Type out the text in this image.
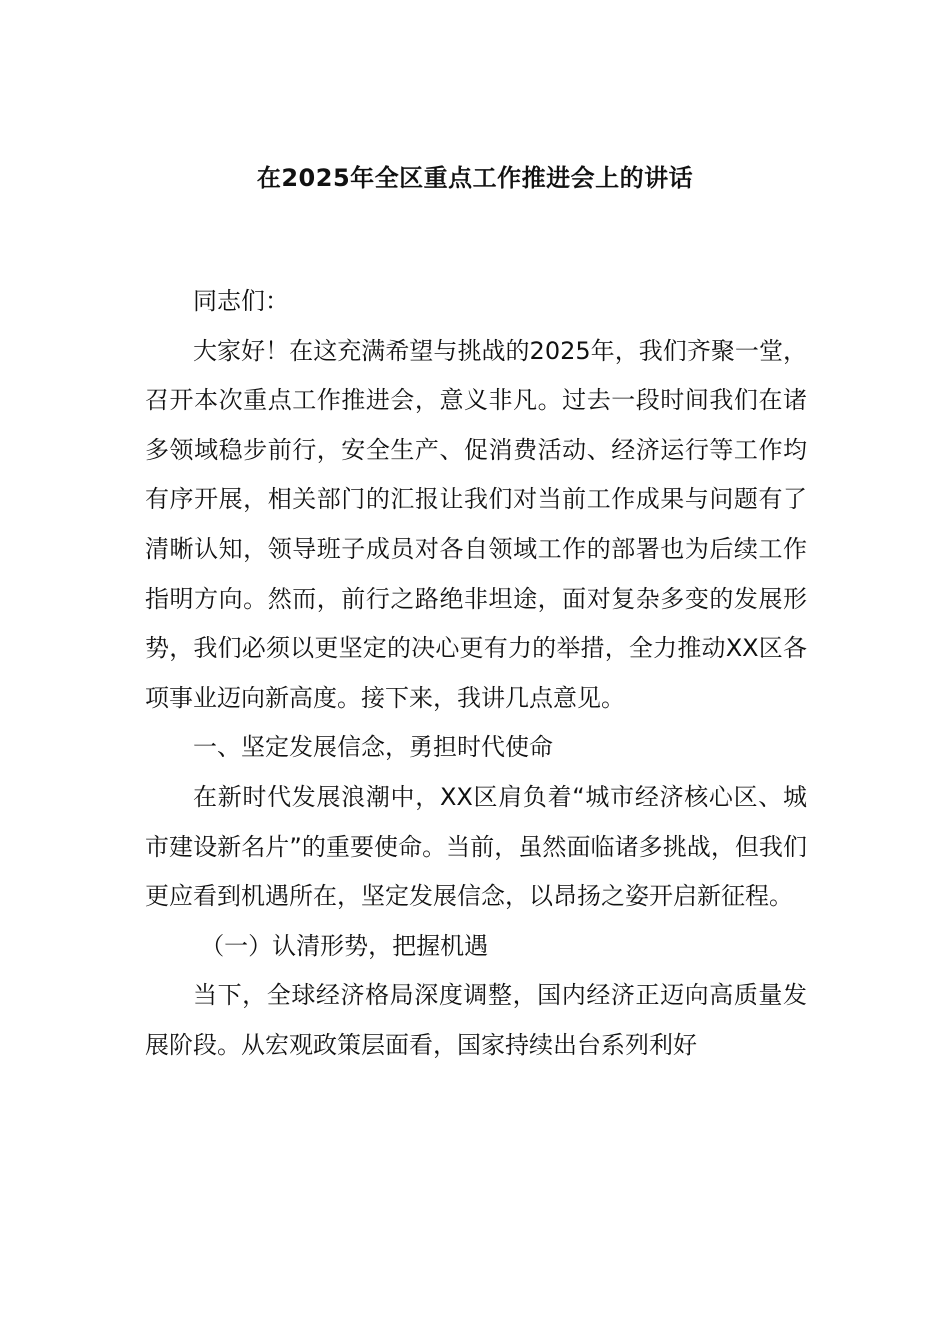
在2025年全区重点工作推进会上的讲话

同志们：

大家好！在这充满希望与挑战的2025年，我们齐聚一堂，召开本次重点工作推进会，意义非凡。过去一段时间我们在诸多领域稳步前行，安全生产、促消费活动、经济运行等工作均有序开展，相关部门的汇报让我们对当前工作成果与问题有了清晰认知，领导班子成员对各自领域工作的部署也为后续工作指明方向。然而，前行之路绝非坦途，面对复杂多变的发展形势，我们必须以更坚定的决心更有力的举措，全力推动XX区各项事业迈向新高度。接下来，我讲几点意见。

一、坚定发展信念，勇担时代使命

在新时代发展浪潮中，XX区肩负着“城市经济核心区、城市建设新名片”的重要使命。当前，虽然面临诸多挑战，但我们更应看到机遇所在，坚定发展信念，以昂扬之姿开启新征程。

（一）认清形势，把握机遇

当下，全球经济格局深度调整，国内经济正迈向高质量发展阶段。从宏观政策层面看，国家持续出台系列利好
